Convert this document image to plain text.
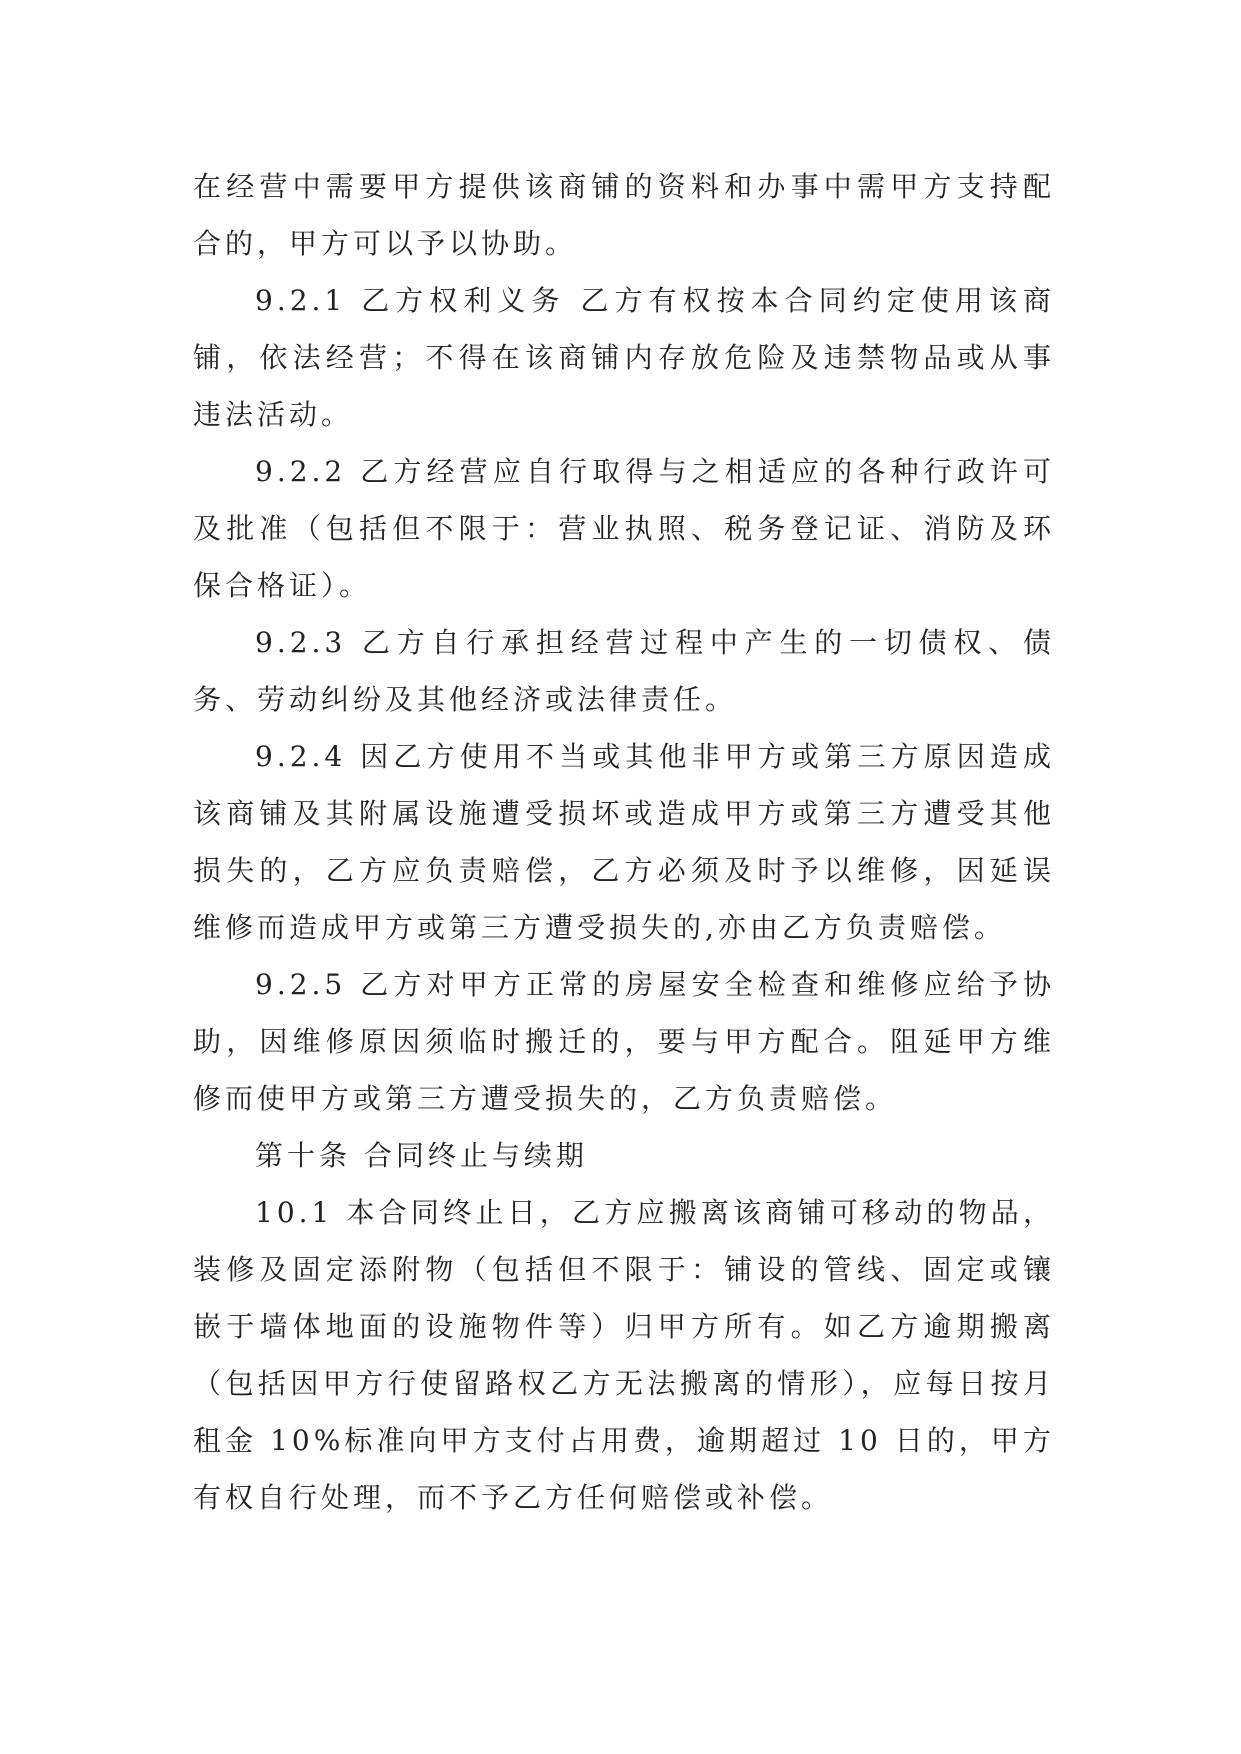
在经营中需要甲方提供该商铺的资料和办事中需甲方支持配合的，甲方可以予以协助。

9.2.1 乙方权利义务 乙方有权按本合同约定使用该商铺，依法经营；不得在该商铺内存放危险及违禁物品或从事违法活动。

9.2.2 乙方经营应自行取得与之相适应的各种行政许可及批准（包括但不限于：营业执照、税务登记证、消防及环保合格证）。

9.2.3 乙方自行承担经营过程中产生的一切债权、债务、劳动纠纷及其他经济或法律责任。

9.2.4 因乙方使用不当或其他非甲方或第三方原因造成该商铺及其附属设施遭受损坏或造成甲方或第三方遭受其他损失的，乙方应负责赔偿，乙方必须及时予以维修，因延误维修而造成甲方或第三方遭受损失的,亦由乙方负责赔偿。

9.2.5 乙方对甲方正常的房屋安全检查和维修应给予协助，因维修原因须临时搬迁的，要与甲方配合。阻延甲方维修而使甲方或第三方遭受损失的，乙方负责赔偿。

第十条 合同终止与续期

10.1 本合同终止日，乙方应搬离该商铺可移动的物品，装修及固定添附物（包括但不限于：铺设的管线、固定或镶嵌于墙体地面的设施物件等）归甲方所有。如乙方逾期搬离（包括因甲方行使留路权乙方无法搬离的情形），应每日按月租金 10%标准向甲方支付占用费，逾期超过 10 日的，甲方有权自行处理，而不予乙方任何赔偿或补偿。
